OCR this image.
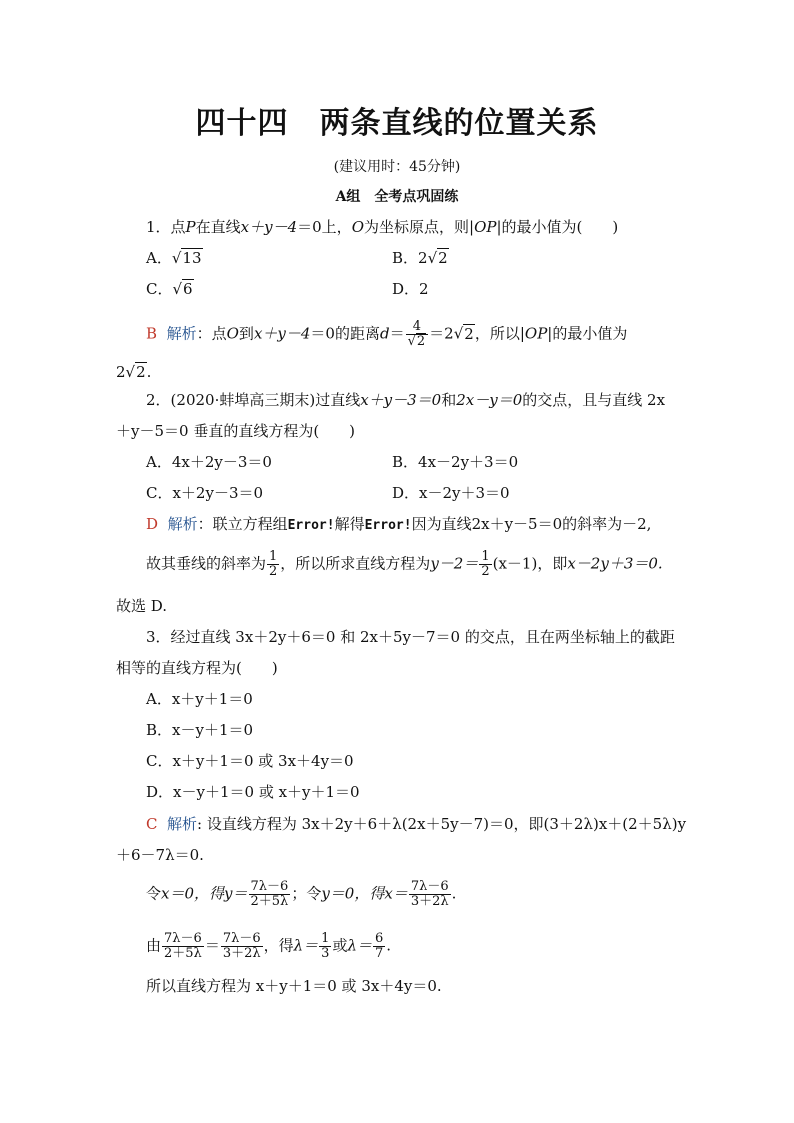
四十四　两条直线的位置关系
(建议用时：45分钟)
A组　全考点巩固练
1．点P在直线x＋y－4＝0上，O为坐标原点，则|OP|的最小值为(　　)
A．√13	B．2√2
C．√6	D．2
B 解析：点O到x＋y－4＝0的距离$d= \frac{4}{√2} =2√2$，所以|OP|的最小值为
2√2.
2．(2020·蚌埠高三期末)过直线x＋y－3＝0和2x－y＝0的交点，且与直线 2x
＋y－5＝0 垂直的直线方程为(　　)
A．4x＋2y－3＝0	B．4x－2y＋3＝0
C．x＋2y－3＝0	D．x－2y＋3＝0
D 解析：联立方程组Error!解得Error!因为直线2x＋y－5＝0的斜率为－2,
故其垂线的斜率为 $\frac{1}{2}$ ，所以所求直线方程为$y-2= \frac{1}{2} (x-1)$，即x－2y＋3＝0.
故选 D.
3．经过直线 3x＋2y＋6＝0 和 2x＋5y－7＝0 的交点，且在两坐标轴上的截距
相等的直线方程为(　　)
A．x＋y＋1＝0
B．x－y＋1＝0
C．x＋y＋1＝0 或 3x＋4y＝0
D．x－y＋1＝0 或 x＋y＋1＝0
C 解析: 设直线方程为 3x＋2y＋6＋λ(2x＋5y－7)＝0，即(3＋2λ)x＋(2＋5λ)y
＋6－7λ＝0.
令x＝0，得$y= \frac{7\lambda-6}{2+5\lambda}$ ；令y＝0，得$x= \frac{7\lambda-6}{3+2\lambda}$ .
由 $\frac{7\lambda-6}{2+5\lambda} = \frac{7\lambda-6}{3+2\lambda}$ ，得$\lambda= \frac{1}{3}$ 或$\lambda= \frac{6}{7}$ .
所以直线方程为 x＋y＋1＝0 或 3x＋4y＝0.
